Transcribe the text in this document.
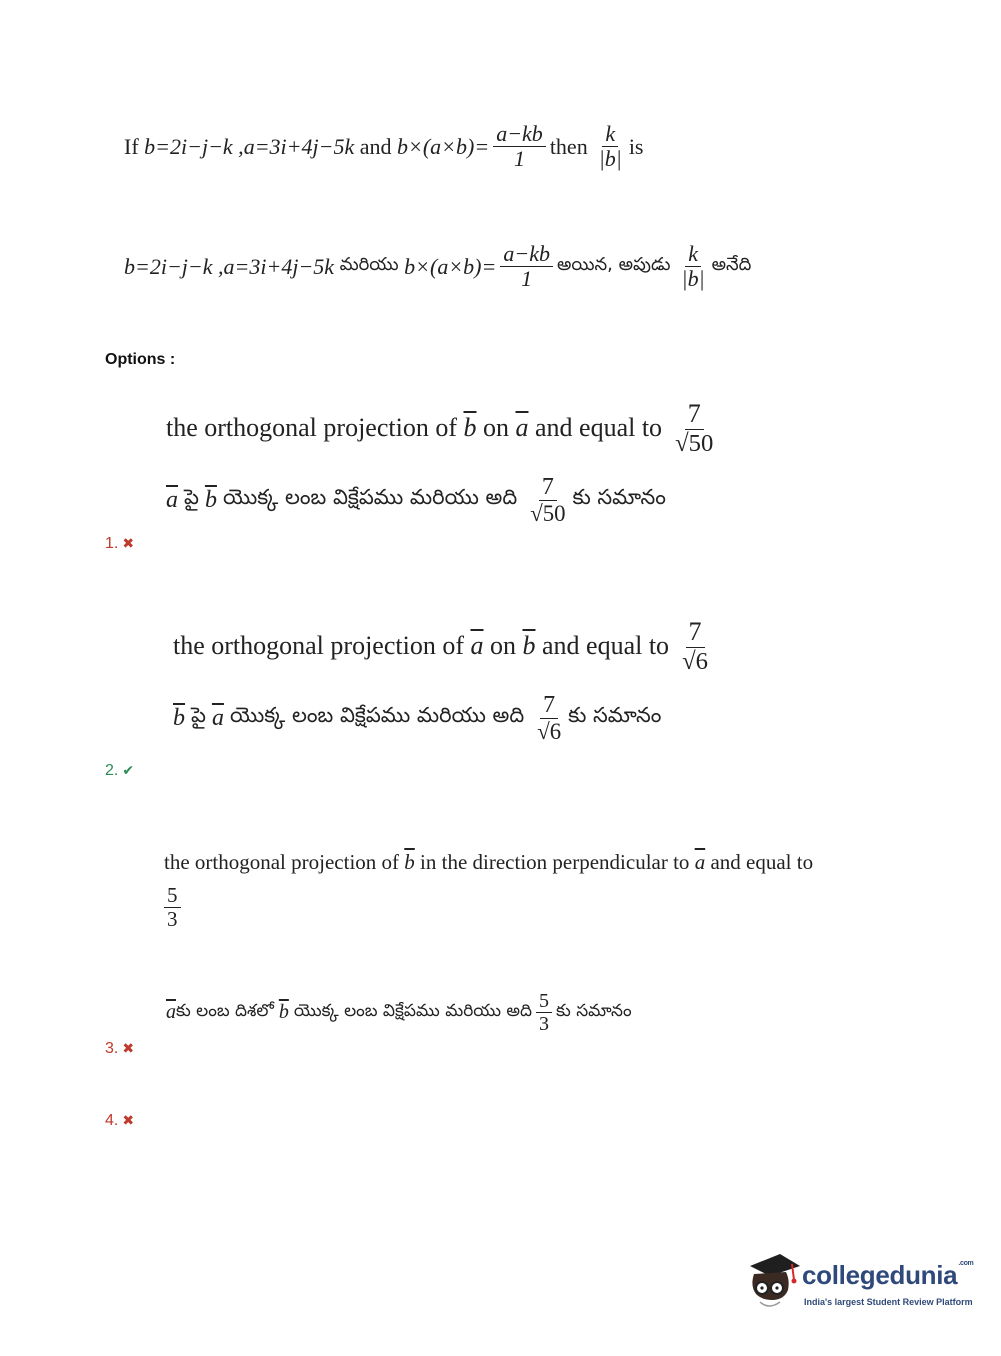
If
b=2i−j−k , a=3i+4j−5k
and
$b\times(a\times b)= \frac{a-kb}{1}$ then $\frac{k}{|b|}$ is
b=2i−j−k , a=3i+4j−5k
మరియు
$b\times(a\times b)= \frac{a-kb}{1}$ అయిన, అపుడు $\frac{k}{|b|}$ అనేది
Options :
the orthogonal projection of
$\overline{b}$
on
$\overline{a}$
and equal to $\frac{7}{√50}$
$\overline{a}$
పై
$\overline{b}$
యొక్క లంబ విక్షేపము మరియు అది $\frac{7}{√50}$ కు సమానం
1. ✖
the orthogonal projection of
$\overline{a}$
on
$\overline{b}$
and equal to $\frac{7}{√6}$
$\overline{b}$
పై
$\overline{a}$
యొక్క లంబ విక్షేపము మరియు అది $\frac{7}{√6}$ కు సమానం
2. ✔
the orthogonal projection of
$\overline{b}$
in the direction perpendicular to
$\overline{a}$
and equal to
$\frac{5}{3}$
$\overline{a}$ కు లంబ దిశలో
$\overline{b}$
యొక్క లంబ విక్షేపము మరియు అది $\frac{5}{3}$ కు సమానం
3. ✖
4. ✖
collegedunia$^{.com}$
India's largest Student Review Platform
